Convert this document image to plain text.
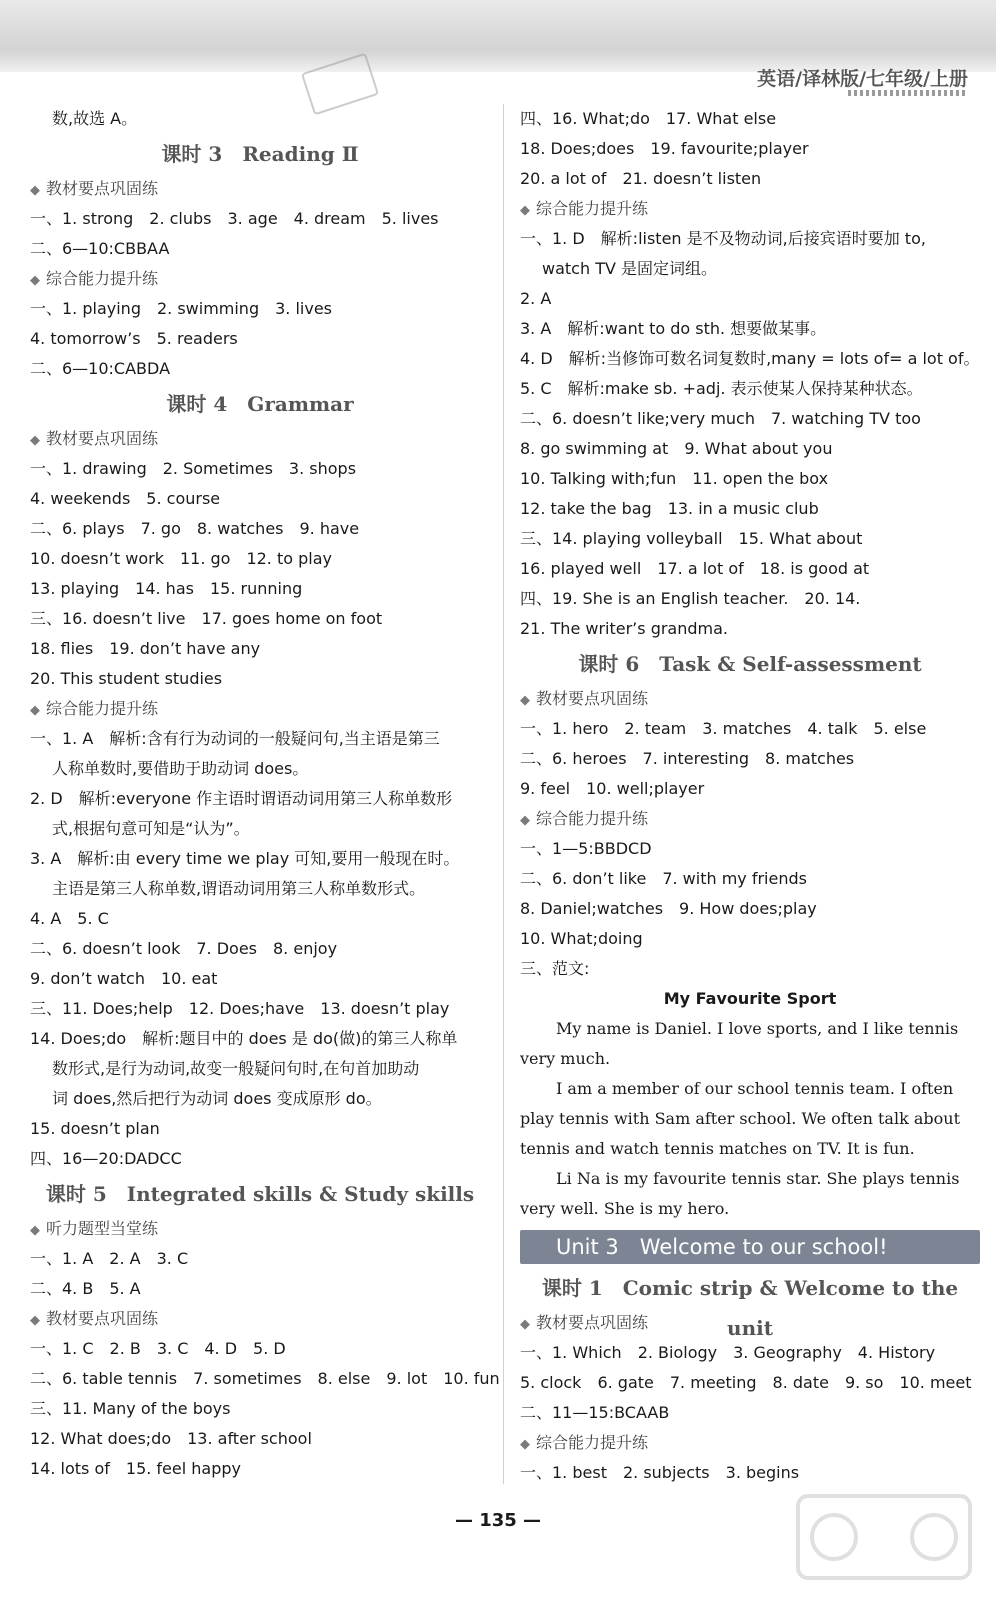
英语/译林版/七年级/上册
数,故选 A。
课时 3　Reading Ⅱ
◆ 教材要点巩固练
一、1. strong　2. clubs　3. age　4. dream　5. lives
二、6—10:CBBAA
◆ 综合能力提升练
一、1. playing　2. swimming　3. lives
4. tomorrow’s　5. readers
二、6—10:CABDA
课时 4　Grammar
◆ 教材要点巩固练
一、1. drawing　2. Sometimes　3. shops
4. weekends　5. course
二、6. plays　7. go　8. watches　9. have
10. doesn’t work　11. go　12. to play
13. playing　14. has　15. running
三、16. doesn’t live　17. goes home on foot
18. flies　19. don’t have any
20. This student studies
◆ 综合能力提升练
一、1. A　解析:含有行为动词的一般疑问句,当主语是第三
人称单数时,要借助于助动词 does。
2. D　解析:everyone 作主语时谓语动词用第三人称单数形
式,根据句意可知是“认为”。
3. A　解析:由 every time we play 可知,要用一般现在时。
主语是第三人称单数,谓语动词用第三人称单数形式。
4. A　5. C
二、6. doesn’t look　7. Does　8. enjoy
9. don’t watch　10. eat
三、11. Does;help　12. Does;have　13. doesn’t play
14. Does;do　解析:题目中的 does 是 do(做)的第三人称单
数形式,是行为动词,故变一般疑问句时,在句首加助动
词 does,然后把行为动词 does 变成原形 do。
15. doesn’t plan
四、16—20:DADCC
课时 5　Integrated skills & Study skills
◆ 听力题型当堂练
一、1. A　2. A　3. C
二、4. B　5. A
◆ 教材要点巩固练
一、1. C　2. B　3. C　4. D　5. D
二、6. table tennis　7. sometimes　8. else　9. lot　10. fun
三、11. Many of the boys
12. What does;do　13. after school
14. lots of　15. feel happy
四、16. What;do　17. What else
18. Does;does　19. favourite;player
20. a lot of　21. doesn’t listen
◆ 综合能力提升练
一、1. D　解析:listen 是不及物动词,后接宾语时要加 to,
watch TV 是固定词组。
2. A
3. A　解析:want to do sth. 想要做某事。
4. D　解析:当修饰可数名词复数时,many = lots of= a lot of。
5. C　解析:make sb. +adj. 表示使某人保持某种状态。
二、6. doesn’t like;very much　7. watching TV too
8. go swimming at　9. What about you
10. Talking with;fun　11. open the box
12. take the bag　13. in a music club
三、14. playing volleyball　15. What about
16. played well　17. a lot of　18. is good at
四、19. She is an English teacher.　20. 14.
21. The writer’s grandma.
课时 6　Task & Self-assessment
◆ 教材要点巩固练
一、1. hero　2. team　3. matches　4. talk　5. else
二、6. heroes　7. interesting　8. matches
9. feel　10. well;player
◆ 综合能力提升练
一、1—5:BBDCD
二、6. don’t like　7. with my friends
8. Daniel;watches　9. How does;play
10. What;doing
三、范文:
My Favourite Sport
My name is Daniel. I love sports, and I like tennis very much.
I am a member of our school tennis team. I often play tennis with Sam after school. We often talk about tennis and watch tennis matches on TV. It is fun.
Li Na is my favourite tennis star. She plays tennis very well. She is my hero.
Unit 3　Welcome to our school!
课时 1　Comic strip & Welcome to the unit
◆ 教材要点巩固练
一、1. Which　2. Biology　3. Geography　4. History
5. clock　6. gate　7. meeting　8. date　9. so　10. meet
二、11—15:BCAAB
◆ 综合能力提升练
一、1. best　2. subjects　3. begins
— 135 —
